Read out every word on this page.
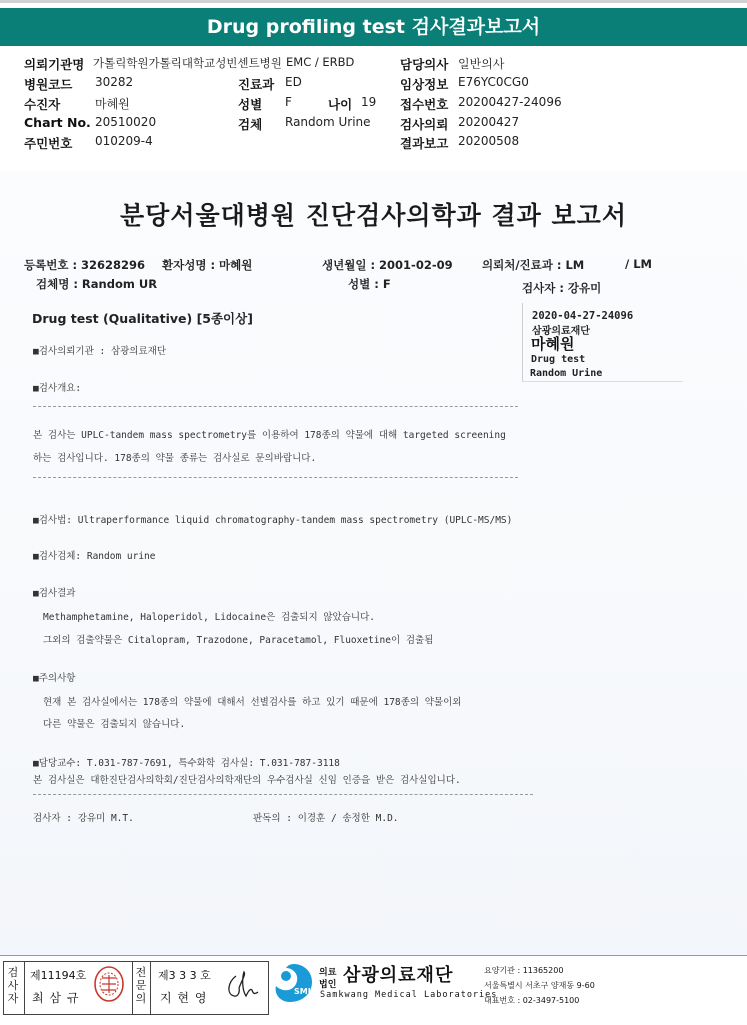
Drug profiling test 검사결과보고서
의뢰기관명 가톨릭학원가톨릭대학교성빈센트병원 EMC / ERBD	담당의사 일반의사
병원코드 30282	진료과 ED	임상정보 E76YC0CG0
수진자	마혜원	성별 F	나이 19 접수번호 20200427-24096
Chart No. 20510020	검체 Random Urine 검사의뢰 20200427
주민번호 010209-4	결과보고 20200508
분당서울대병원 진단검사의학과 결과 보고서
등록번호 : 32628296 환자성명 : 마혜원	생년월일 : 2001-02-09	의뢰처/진료과 : LM	/ LM
검체명 : Random UR	성별 : F	검사자 : 강유미
Drug test (Qualitative) [5종이상]	2020-04-27-24096
삼광의료재단
마혜원
Drug test
Random Urine
■검사의뢰기관 : 삼광의료재단
■검사개요:
본 검사는 UPLC-tandem mass spectrometry를 이용하여 178종의 약물에 대해 targeted screening
하는 검사입니다. 178종의 약물 종류는 검사실로 문의바랍니다.
■검사법: Ultraperformance liquid chromatography-tandem mass spectrometry (UPLC-MS/MS)
■검사검체: Random urine
■검사결과
Methamphetamine, Haloperidol, Lidocaine은 검출되지 않았습니다.
그외의 검출약물은 Citalopram, Trazodone, Paracetamol, Fluoxetine이 검출됨
■주의사항
현재 본 검사실에서는 178종의 약물에 대해서 선별검사를 하고 있기 때문에 178종의 약물이외
다른 약물은 검출되지 않습니다.
■담당교수: T.031-787-7691, 특수화학 검사실: T.031-787-3118
본 검사실은 대한진단검사의학회/진단검사의학재단의 우수검사실 신임 인증을 받은 검사실입니다.
검사자 : 강유미 M.T.	판독의 : 이경훈 / 송정한 M.D.
검사자
제11194호
최 삼 규
전문의
제3 3 3 호
지 현 영	SML
의료
법인 삼광의료재단
Samkwang Medical Laboratories
요양기관 : 11365200
서울특별시 서초구 양재동 9-60
대표번호 : 02-3497-5100
